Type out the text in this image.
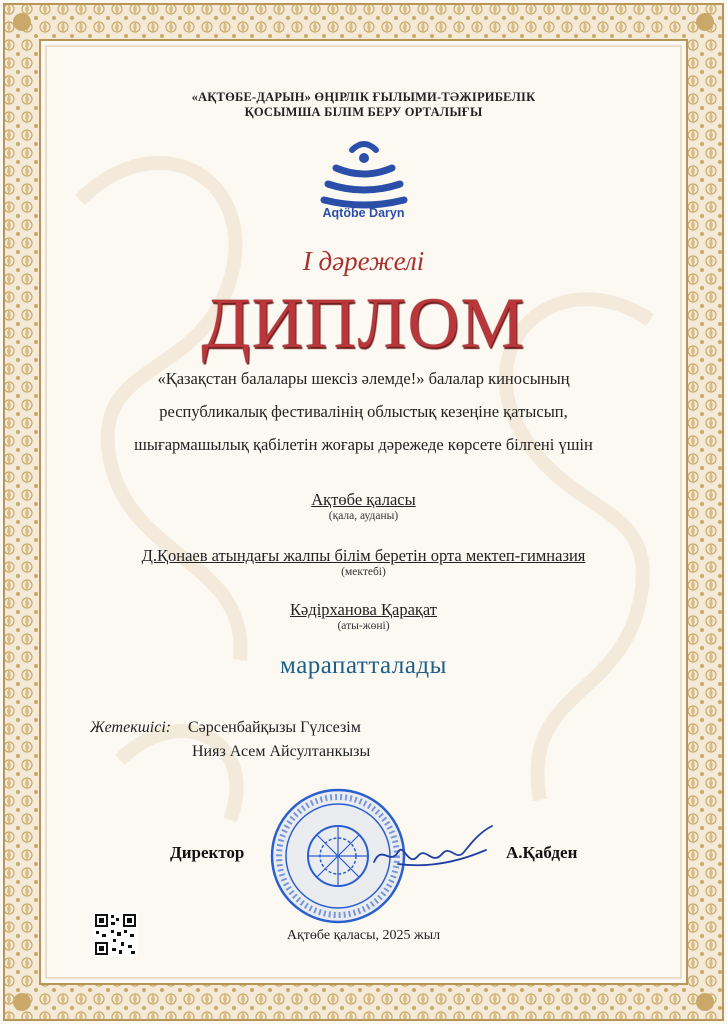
«АҚТӨБЕ-ДАРЫН» ӨҢІРЛІК ҒЫЛЫМИ-ТӘЖІРИБЕЛІК
ҚОСЫМША БІЛІМ БЕРУ ОРТАЛЫҒЫ
Aqtöbe Daryn
I дәрежелі
ДИПЛОМ
«Қазақстан балалары шексіз әлемде!» балалар киносының
республикалық фестивалінің облыстық кезеңіне қатысып,
шығармашылық қабілетін жоғары дәрежеде көрсете білгені үшін
Ақтөбе қаласы
(қала, ауданы)
Д.Қонаев атындағы жалпы білім беретін орта мектеп-гимназия
(мектебі)
Кәдірханова Қарақат
(аты-жөні)
марапатталады
Жетекшісі: Сәрсенбайқызы Гүлсезім
Нияз Асем Айсултанкызы
Директор	А.Қабден
Ақтөбе қаласы, 2025 жыл
